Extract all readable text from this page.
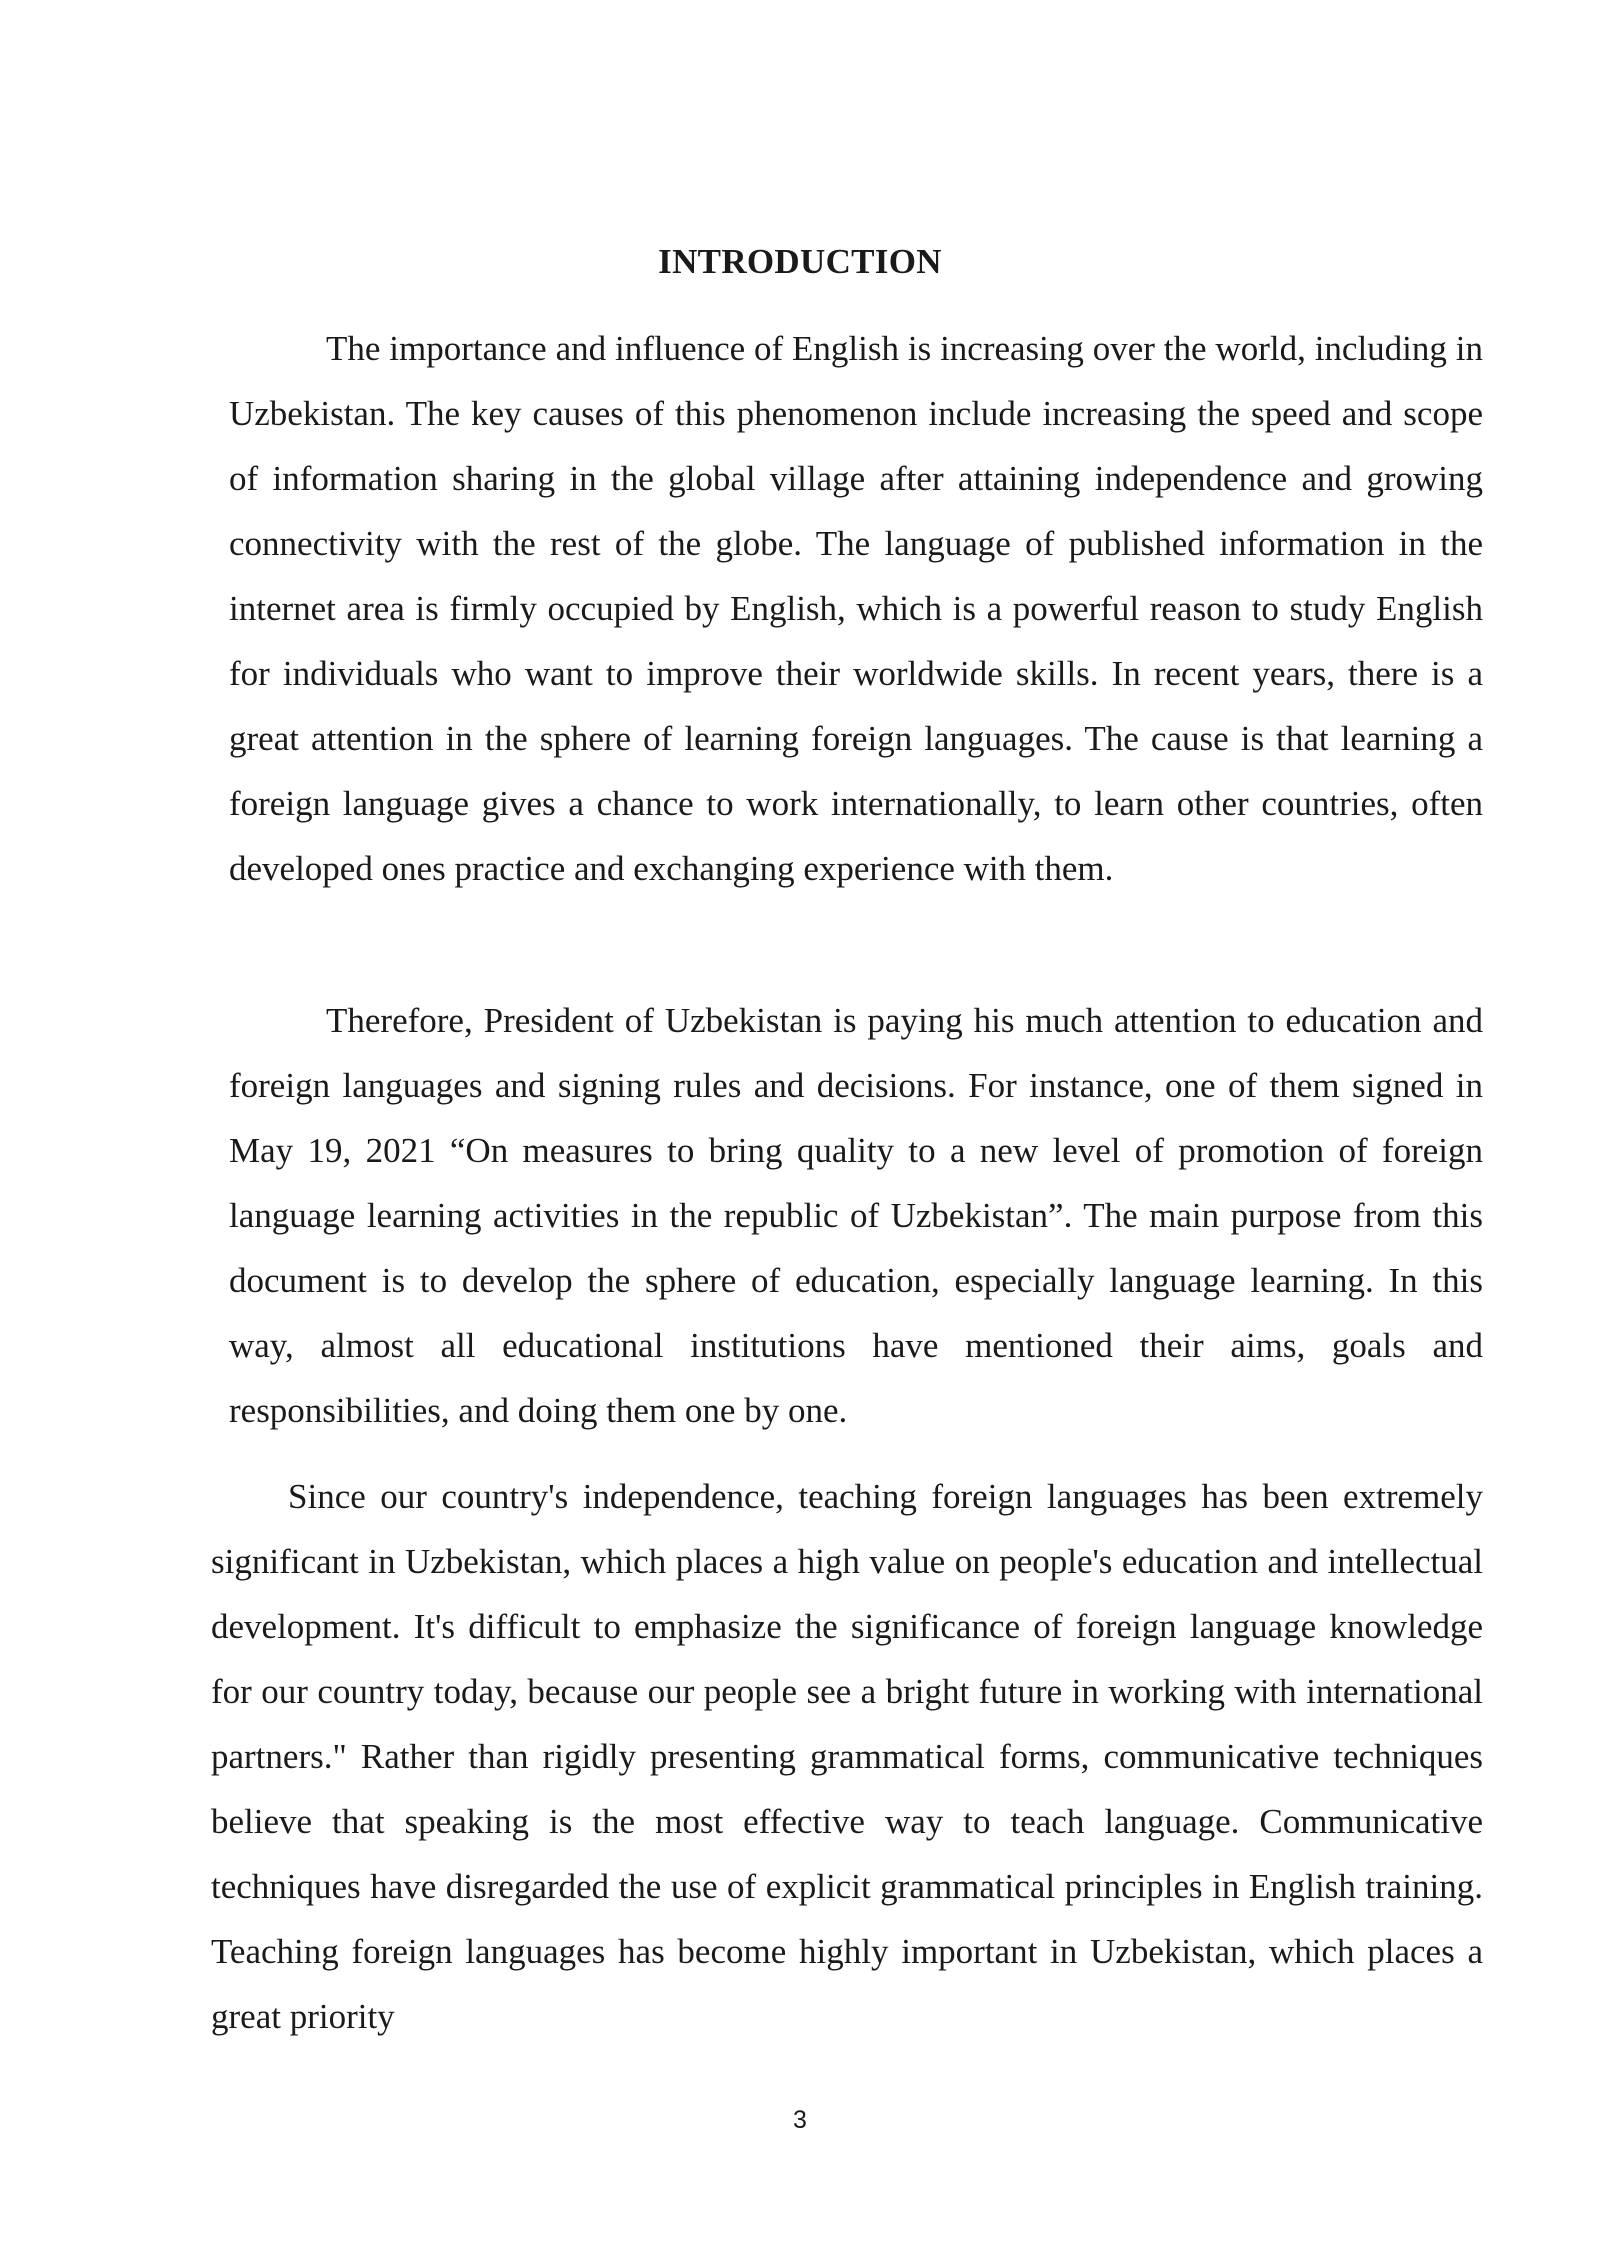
INTRODUCTION

The importance and influence of English is increasing over the world, including in Uzbekistan. The key causes of this phenomenon include increasing the speed and scope of information sharing in the global village after attaining independence and growing connectivity with the rest of the globe. The language of published information in the internet area is firmly occupied by English, which is a powerful reason to study English for individuals who want to improve their worldwide skills. In recent years, there is a great attention in the sphere of learning foreign languages. The cause is that learning a foreign language gives a chance to work internationally, to learn other countries, often developed ones practice and exchanging experience with them.

Therefore, President of Uzbekistan is paying his much attention to education and foreign languages and signing rules and decisions. For instance, one of them signed in May 19, 2021 “On measures to bring quality to a new level of promotion of foreign language learning activities in the republic of Uzbekistan”. The main purpose from this document is to develop the sphere of education, especially language learning. In this way, almost all educational institutions have mentioned their aims, goals and responsibilities, and doing them one by one.

Since our country's independence, teaching foreign languages has been extremely significant in Uzbekistan, which places a high value on people's education and intellectual development. It's difficult to emphasize the significance of foreign language knowledge for our country today, because our people see a bright future in working with international partners." Rather than rigidly presenting grammatical forms, communicative techniques believe that speaking is the most effective way to teach language. Communicative techniques have disregarded the use of explicit grammatical principles in English training. Teaching foreign languages has become highly important in Uzbekistan, which places a great priority

3
